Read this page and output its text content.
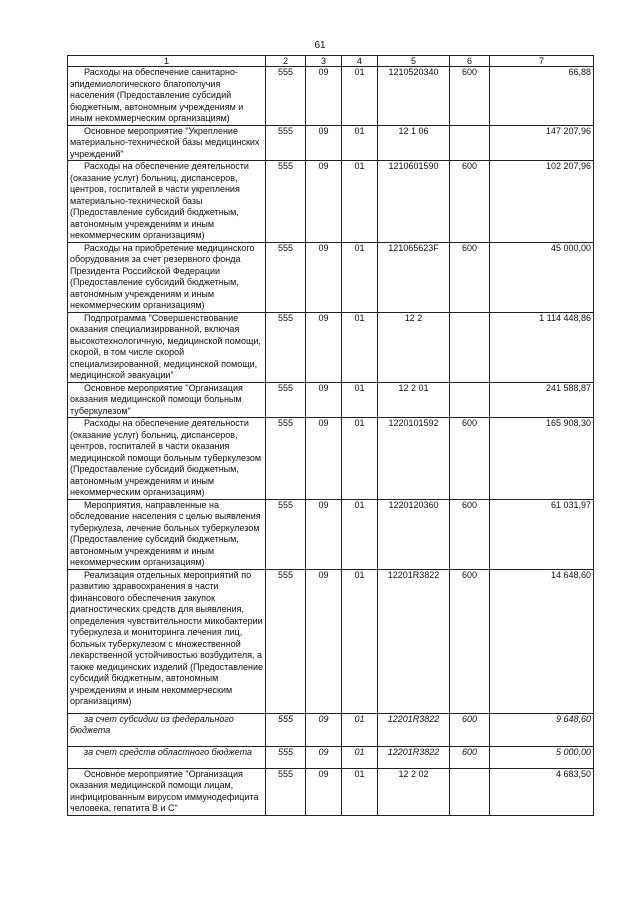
61
1	2	3	4	5	6	7
Расходы на обеспечение санитарно-эпидемиологического благополучия населения (Предоставление субсидий бюджетным, автономным учреждениям и иным некоммерческим организациям)	555	09	01	1210520340	600	66,88
Основное мероприятие "Укрепление материально-технической базы медицинских учреждений"	555	09	01	12 1 06		147 207,96
Расходы на обеспечение деятельности (оказание услуг) больниц, диспансеров, центров, госпиталей в части укрепления материально-технической базы (Предоставление субсидий бюджетным, автономным учреждениям и иным некоммерческим организациям)	555	09	01	1210601590	600	102 207,96
Расходы на приобретение медицинского оборудования за счет резервного фонда Президента Российской Федерации (Предоставление субсидий бюджетным, автономным учреждениям и иным некоммерческим организациям)	555	09	01	121065623F	600	45 000,00
Подпрограмма "Совершенствование оказания специализированной, включая высокотехнологичную, медицинской помощи, скорой, в том числе скорой специализированной, медицинской помощи, медицинской эвакуации"	555	09	01	12 2		1 114 448,86
Основное мероприятие "Организация оказания медицинской помощи больным туберкулезом"	555	09	01	12 2 01		241 588,87
Расходы на обеспечение деятельности (оказание услуг) больниц, диспансеров, центров, госпиталей в части оказания медицинской помощи больным туберкулезом (Предоставление субсидий бюджетным, автономным учреждениям и иным некоммерческим организациям)	555	09	01	1220101592	600	165 908,30
Мероприятия, направленные на обследование населения с целью выявления туберкулеза, лечение больных туберкулезом (Предоставление субсидий бюджетным, автономным учреждениям и иным некоммерческим организациям)	555	09	01	1220120360	600	61 031,97
Реализация отдельных мероприятий по развитию здравоохранения в части финансового обеспечения закупок диагностических средств для выявления, определения чувствительности микобактерии туберкулеза и мониторинга лечения лиц, больных туберкулезом с множественной лекарственной устойчивостью возбудителя, а также медицинских изделий (Предоставление субсидий бюджетным, автономным учреждениям и иным некоммерческим организациям)	555	09	01	12201R3822	600	14 648,60
за счет субсидии из федерального бюджета	555	09	01	12201R3822	600	9 648,60
за счет средств областного бюджета	555	09	01	12201R3822	600	5 000,00
Основное мероприятие "Организация оказания медицинской помощи лицам, инфицированным вирусом иммунодефицита человека, гепатита В и С"	555	09	01	12 2 02		4 683,50
